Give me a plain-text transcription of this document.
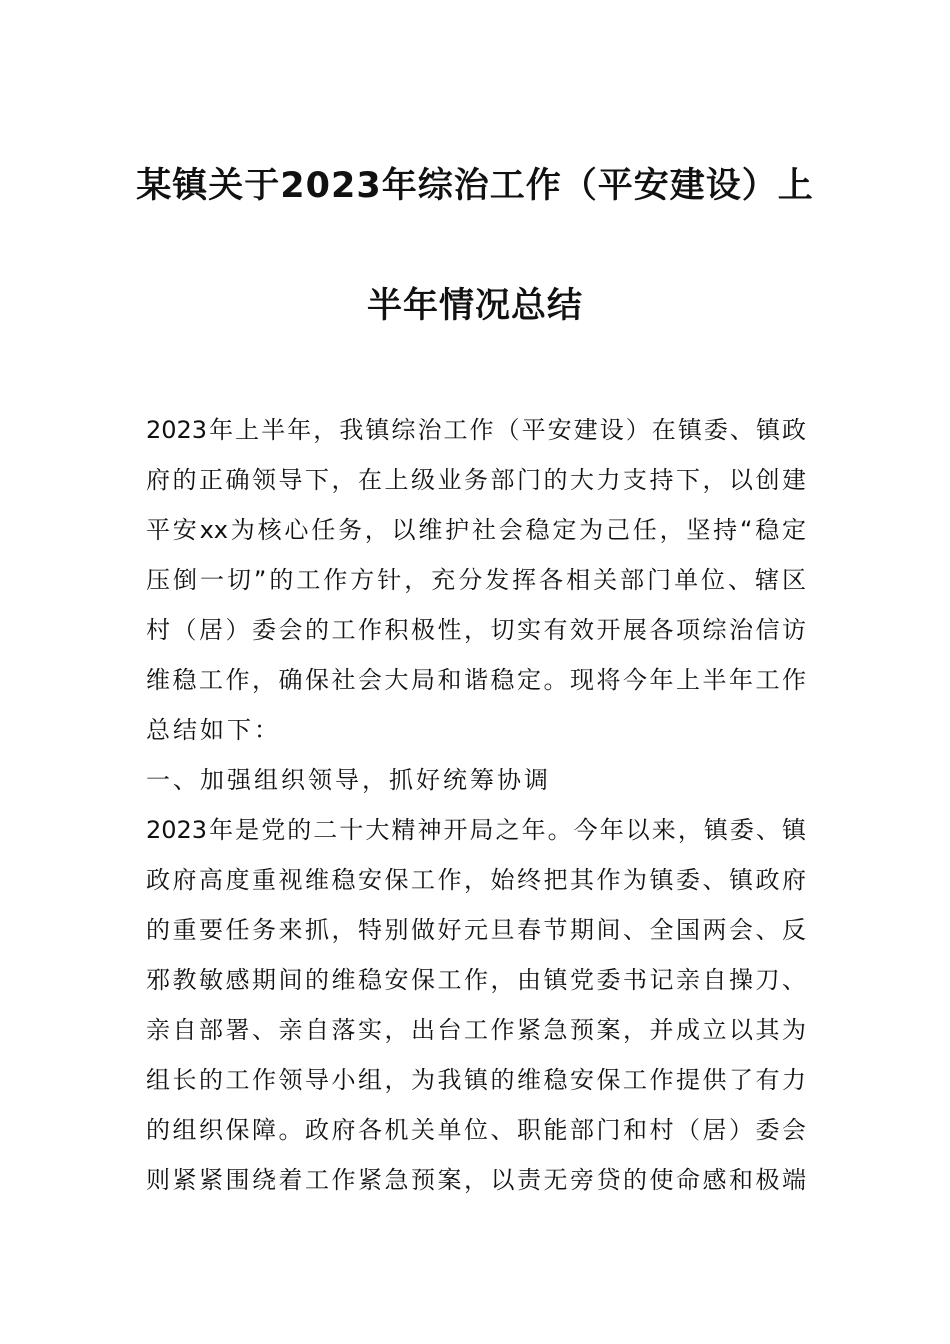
某镇关于2023年综治工作（平安建设）上
半年情况总结
2023年上半年，我镇综治工作（平安建设）在镇委、镇政
府的正确领导下，在上级业务部门的大力支持下，以创建
平安xx为核心任务，以维护社会稳定为己任，坚持“稳定
压倒一切”的工作方针，充分发挥各相关部门单位、辖区
村（居）委会的工作积极性，切实有效开展各项综治信访
维稳工作，确保社会大局和谐稳定。现将今年上半年工作
总结如下：
一、加强组织领导，抓好统筹协调
2023年是党的二十大精神开局之年。今年以来，镇委、镇
政府高度重视维稳安保工作，始终把其作为镇委、镇政府
的重要任务来抓，特别做好元旦春节期间、全国两会、反
邪教敏感期间的维稳安保工作，由镇党委书记亲自操刀、
亲自部署、亲自落实，出台工作紧急预案，并成立以其为
组长的工作领导小组，为我镇的维稳安保工作提供了有力
的组织保障。政府各机关单位、职能部门和村（居）委会
则紧紧围绕着工作紧急预案，以责无旁贷的使命感和极端
